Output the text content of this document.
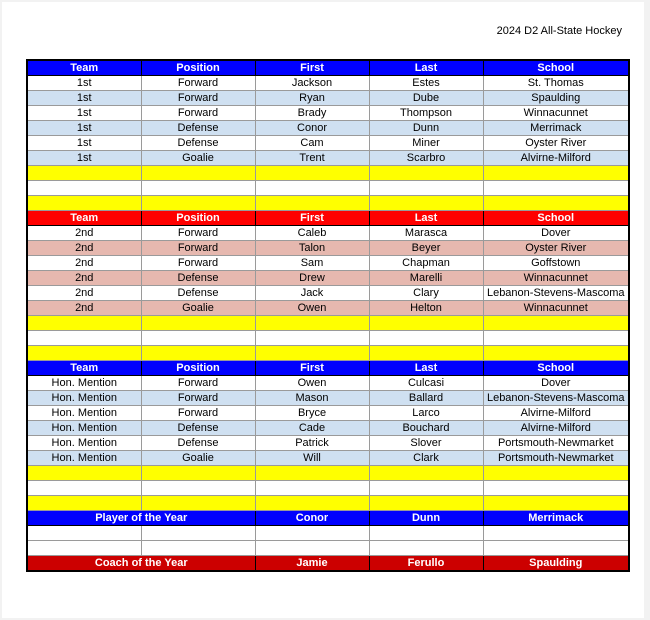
2024 D2 All-State Hockey
Team	Position	First	Last	School
1st	Forward	Jackson	Estes	St. Thomas
1st	Forward	Ryan	Dube	Spaulding
1st	Forward	Brady	Thompson	Winnacunnet
1st	Defense	Conor	Dunn	Merrimack
1st	Defense	Cam	Miner	Oyster River
1st	Goalie	Trent	Scarbro	Alvirne-Milford

Team	Position	First	Last	School
2nd	Forward	Caleb	Marasca	Dover
2nd	Forward	Talon	Beyer	Oyster River
2nd	Forward	Sam	Chapman	Goffstown
2nd	Defense	Drew	Marelli	Winnacunnet
2nd	Defense	Jack	Clary	Lebanon-Stevens-Mascoma
2nd	Goalie	Owen	Helton	Winnacunnet

Team	Position	First	Last	School
Hon. Mention	Forward	Owen	Culcasi	Dover
Hon. Mention	Forward	Mason	Ballard	Lebanon-Stevens-Mascoma
Hon. Mention	Forward	Bryce	Larco	Alvirne-Milford
Hon. Mention	Defense	Cade	Bouchard	Alvirne-Milford
Hon. Mention	Defense	Patrick	Slover	Portsmouth-Newmarket
Hon. Mention	Goalie	Will	Clark	Portsmouth-Newmarket

Player of the Year		Conor	Dunn	Merrimack

Coach of the Year		Jamie	Ferullo	Spaulding
